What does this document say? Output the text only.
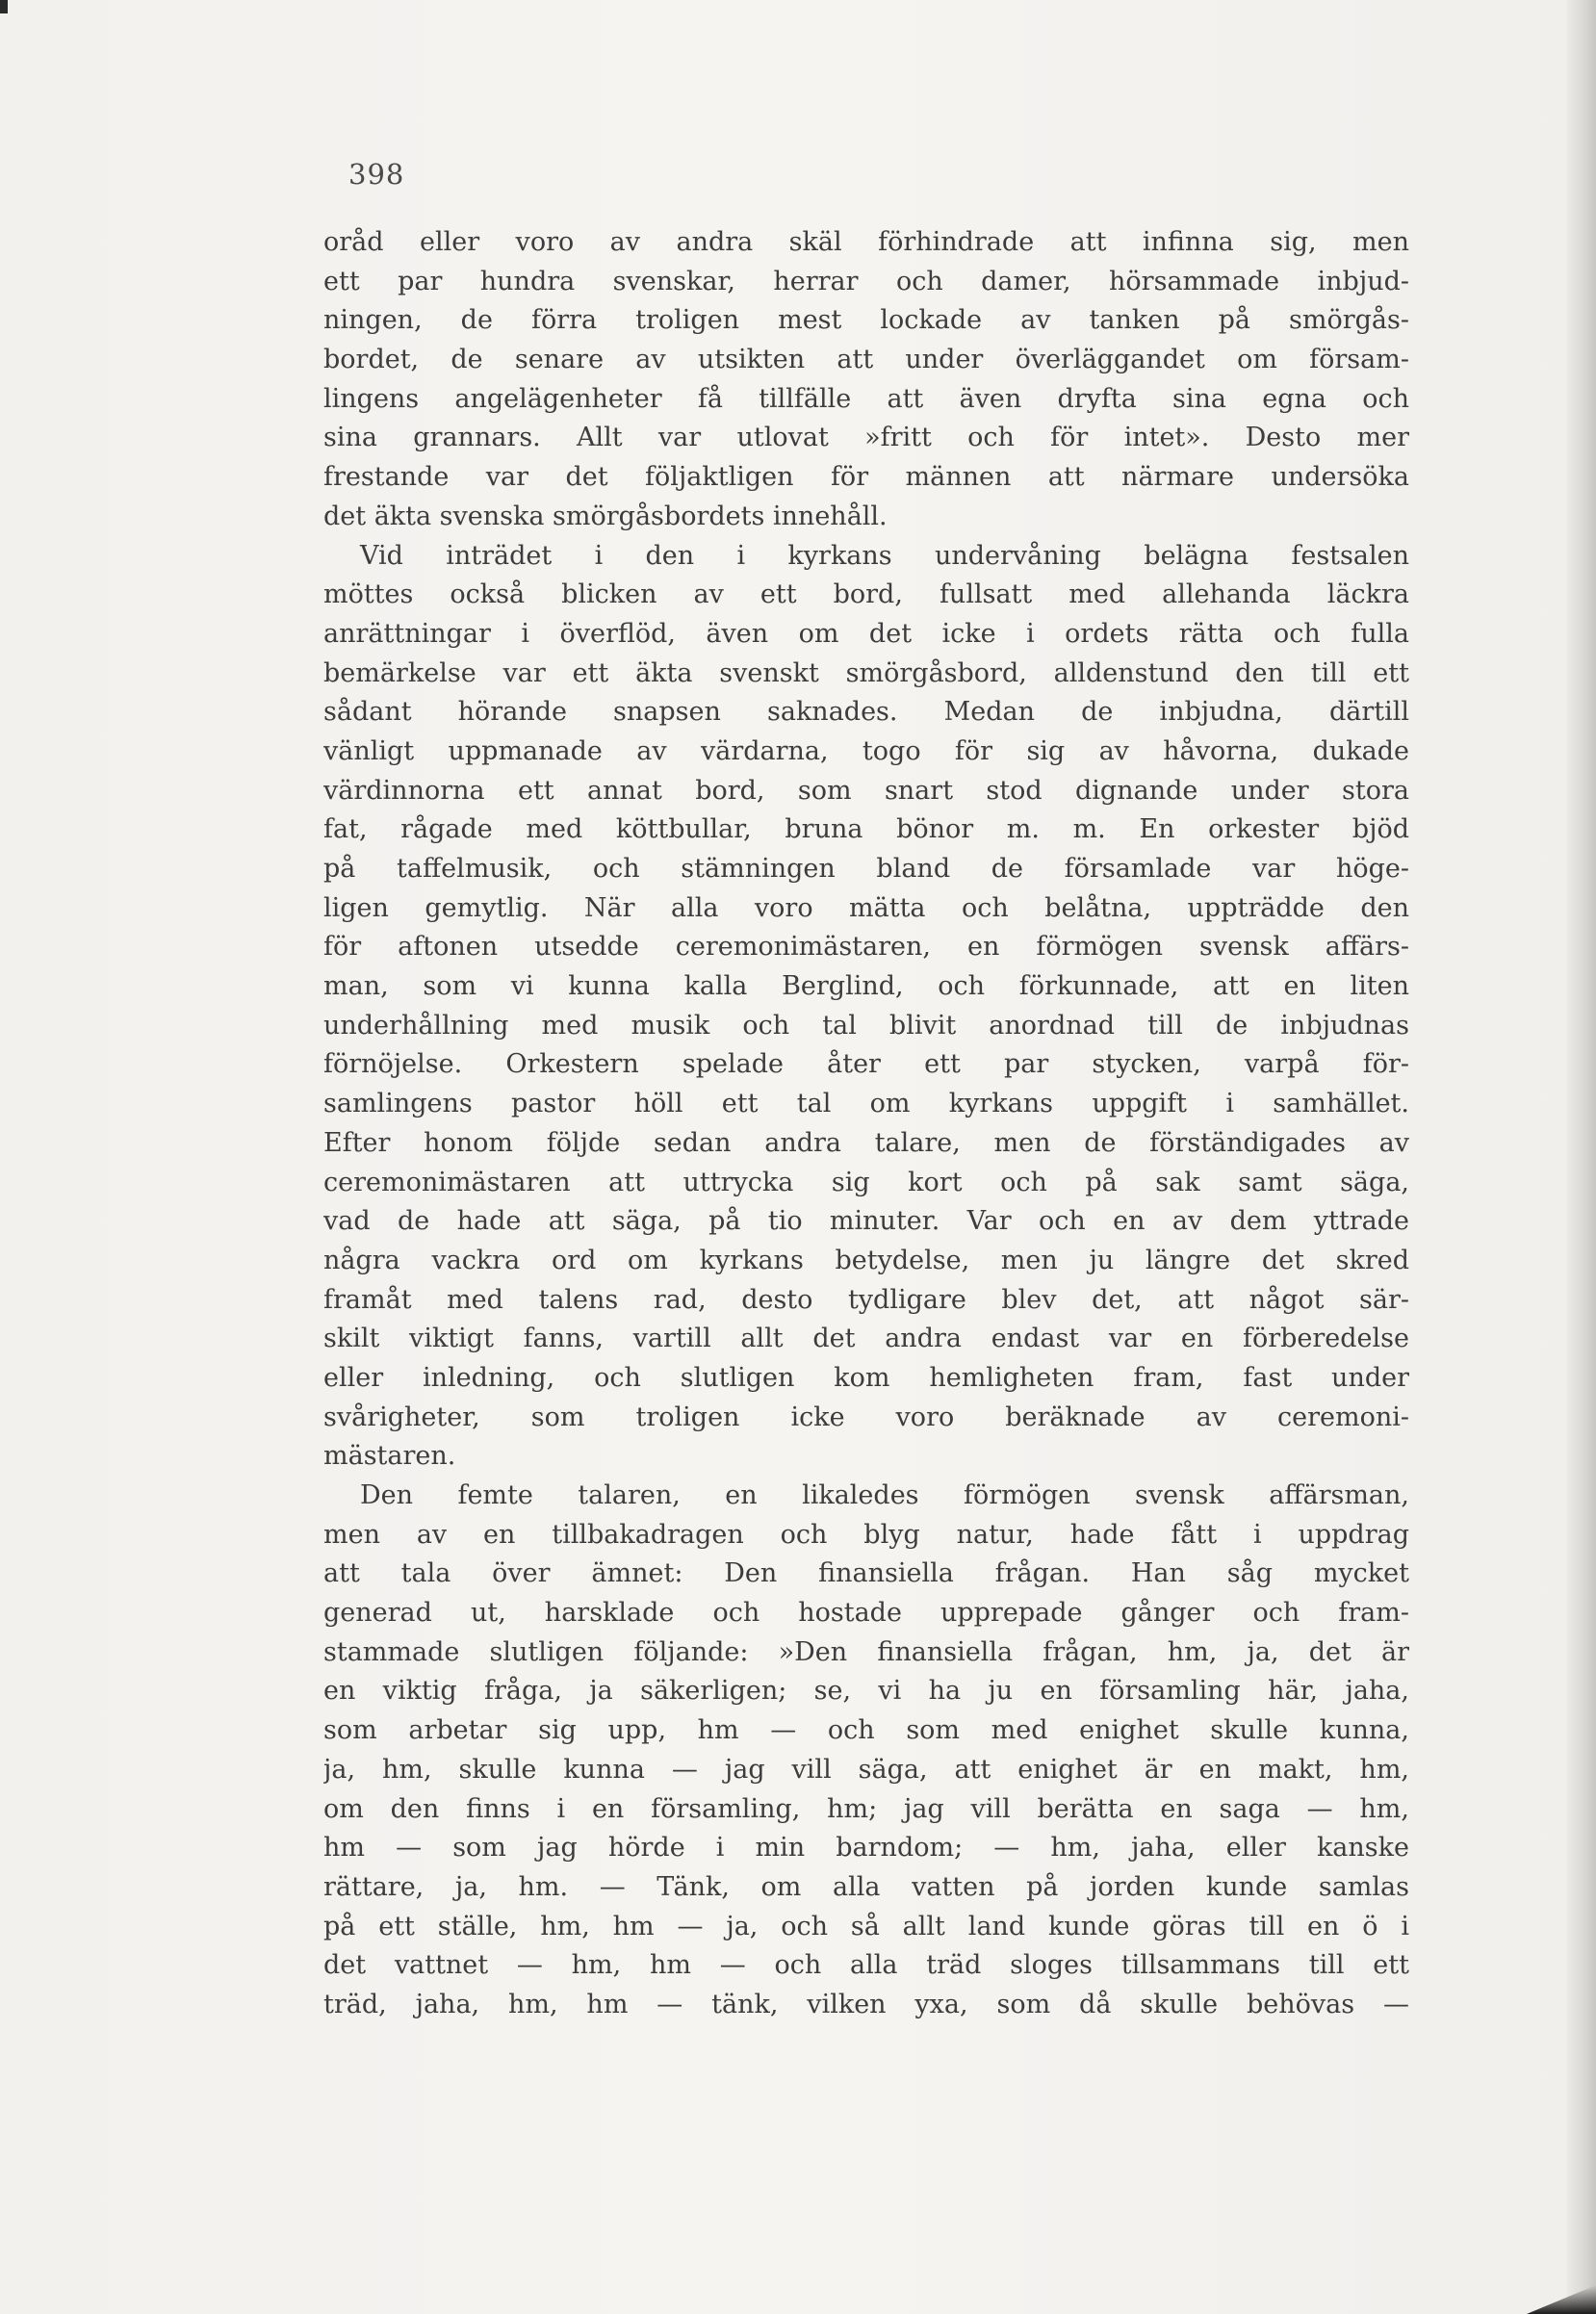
398
oråd eller voro av andra skäl förhindrade att infinna sig, men
ett par hundra svenskar, herrar och damer, hörsammade inbjud-
ningen, de förra troligen mest lockade av tanken på smörgås-
bordet, de senare av utsikten att under överläggandet om försam-
lingens angelägenheter få tillfälle att även dryfta sina egna och
sina grannars. Allt var utlovat »fritt och för intet». Desto mer
frestande var det följaktligen för männen att närmare undersöka
det äkta svenska smörgåsbordets innehåll.
Vid inträdet i den i kyrkans undervåning belägna festsalen
möttes också blicken av ett bord, fullsatt med allehanda läckra
anrättningar i överflöd, även om det icke i ordets rätta och fulla
bemärkelse var ett äkta svenskt smörgåsbord, alldenstund den till ett
sådant hörande snapsen saknades. Medan de inbjudna, därtill
vänligt uppmanade av värdarna, togo för sig av håvorna, dukade
värdinnorna ett annat bord, som snart stod dignande under stora
fat, rågade med köttbullar, bruna bönor m. m. En orkester bjöd
på taffelmusik, och stämningen bland de församlade var höge-
ligen gemytlig. När alla voro mätta och belåtna, uppträdde den
för aftonen utsedde ceremonimästaren, en förmögen svensk affärs-
man, som vi kunna kalla Berglind, och förkunnade, att en liten
underhållning med musik och tal blivit anordnad till de inbjudnas
förnöjelse. Orkestern spelade åter ett par stycken, varpå för-
samlingens pastor höll ett tal om kyrkans uppgift i samhället.
Efter honom följde sedan andra talare, men de förständigades av
ceremonimästaren att uttrycka sig kort och på sak samt säga,
vad de hade att säga, på tio minuter. Var och en av dem yttrade
några vackra ord om kyrkans betydelse, men ju längre det skred
framåt med talens rad, desto tydligare blev det, att något sär-
skilt viktigt fanns, vartill allt det andra endast var en förberedelse
eller inledning, och slutligen kom hemligheten fram, fast under
svårigheter, som troligen icke voro beräknade av ceremoni-
mästaren.
Den femte talaren, en likaledes förmögen svensk affärsman,
men av en tillbakadragen och blyg natur, hade fått i uppdrag
att tala över ämnet: Den finansiella frågan. Han såg mycket
generad ut, harsklade och hostade upprepade gånger och fram-
stammade slutligen följande: »Den finansiella frågan, hm, ja, det är
en viktig fråga, ja säkerligen; se, vi ha ju en församling här, jaha,
som arbetar sig upp, hm — och som med enighet skulle kunna,
ja, hm, skulle kunna — jag vill säga, att enighet är en makt, hm,
om den finns i en församling, hm; jag vill berätta en saga — hm,
hm — som jag hörde i min barndom; — hm, jaha, eller kanske
rättare, ja, hm. — Tänk, om alla vatten på jorden kunde samlas
på ett ställe, hm, hm — ja, och så allt land kunde göras till en ö i
det vattnet — hm, hm — och alla träd sloges tillsammans till ett
träd, jaha, hm, hm — tänk, vilken yxa, som då skulle behövas —
